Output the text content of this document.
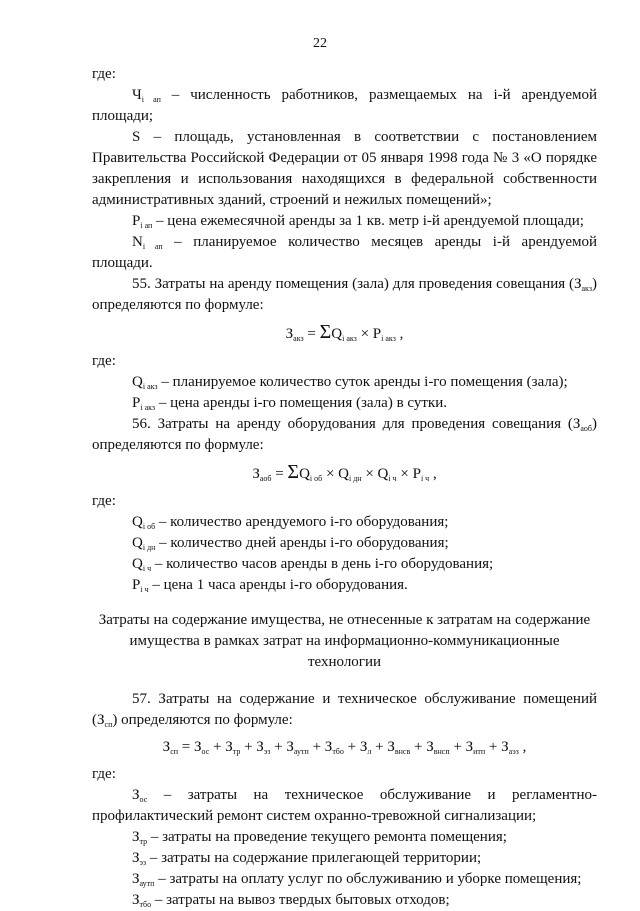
22
где:
$Ч_{i ап}$ – численность работников, размещаемых на i-й арендуемой площади;
S – площадь, установленная в соответствии с постановлением Правительства Российской Федерации от 05 января 1998 года № 3 «О порядке закрепления и использования находящихся в федеральной собственности административных зданий, строений и нежилых помещений»;
$P_{i ап}$ – цена ежемесячной аренды за 1 кв. метр i-й арендуемой площади;
$N_{i ап}$ – планируемое количество месяцев аренды i-й арендуемой площади.
55. Затраты на аренду помещения (зала) для проведения совещания $(З_{акз})$ определяются по формуле:
$З_{акз} = \Sigma Q_{i акз} \times P_{i акз}$ ,
где:
$Q_{i акз}$ – планируемое количество суток аренды i-го помещения (зала);
$P_{i акз}$ – цена аренды i-го помещения (зала) в сутки.
56. Затраты на аренду оборудования для проведения совещания $(З_{аоб})$ определяются по формуле:
$З_{аоб} = \Sigma Q_{i об} \times Q_{i дн} \times Q_{i ч} \times P_{i ч}$ ,
где:
$Q_{i об}$ – количество арендуемого i-го оборудования;
$Q_{i дн}$ – количество дней аренды i-го оборудования;
$Q_{i ч}$ – количество часов аренды в день i-го оборудования;
$P_{i ч}$ – цена 1 часа аренды i-го оборудования.
Затраты на содержание имущества, не отнесенные к затратам на содержание имущества в рамках затрат на информационно-коммуникационные технологии
57. Затраты на содержание и техническое обслуживание помещений $(З_{сп})$ определяются по формуле:
$З_{сп} = З_{ос} + З_{тр} + З_{эз} + З_{аутп} + З_{тбо} + З_л + З_{внсв} + З_{внсп} + З_{итп} + З_{аэз}$ ,
где:
$З_{ос}$ – затраты на техническое обслуживание и регламентно-профилактический ремонт систем охранно-тревожной сигнализации;
$З_{тр}$ – затраты на проведение текущего ремонта помещения;
$З_{эз}$ – затраты на содержание прилегающей территории;
$З_{аутп}$ – затраты на оплату услуг по обслуживанию и уборке помещения;
$З_{тбо}$ – затраты на вывоз твердых бытовых отходов;
